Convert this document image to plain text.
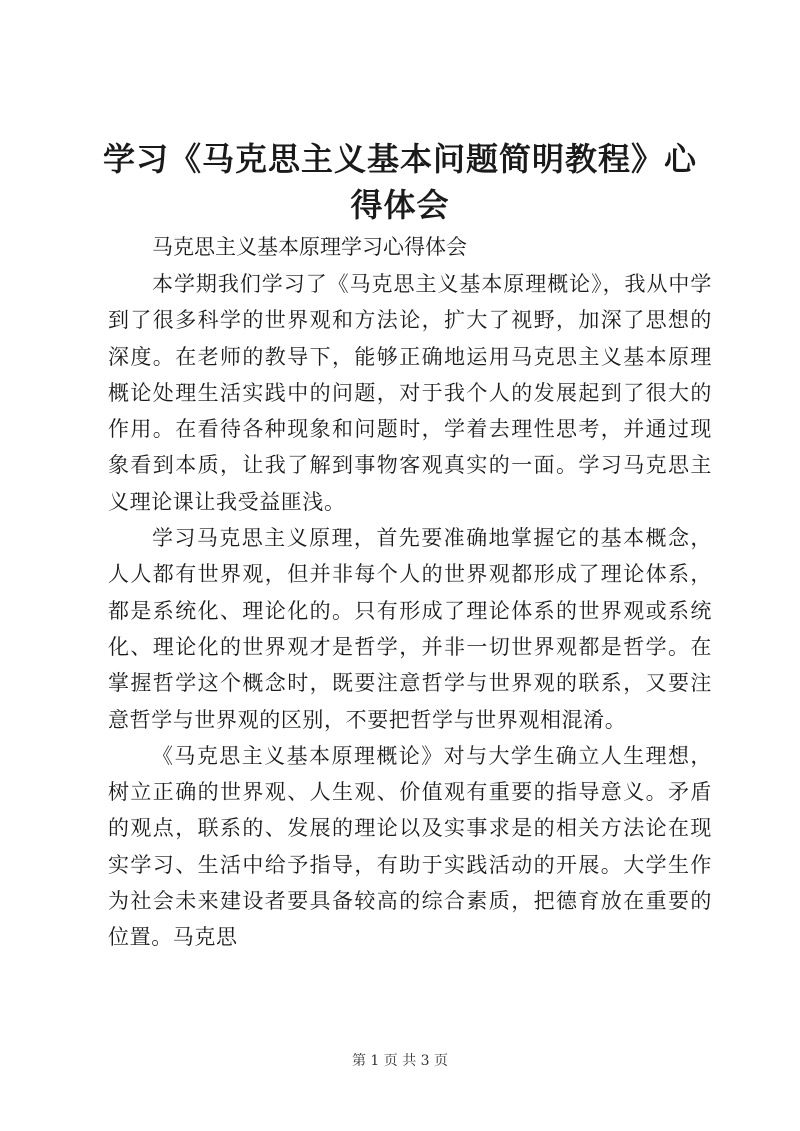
学习《马克思主义基本问题简明教程》心得体会

马克思主义基本原理学习心得体会

本学期我们学习了《马克思主义基本原理概论》，我从中学到了很多科学的世界观和方法论，扩大了视野，加深了思想的深度。在老师的教导下，能够正确地运用马克思主义基本原理概论处理生活实践中的问题，对于我个人的发展起到了很大的作用。在看待各种现象和问题时，学着去理性思考，并通过现象看到本质，让我了解到事物客观真实的一面。学习马克思主义理论课让我受益匪浅。

学习马克思主义原理，首先要准确地掌握它的基本概念，人人都有世界观，但并非每个人的世界观都形成了理论体系，都是系统化、理论化的。只有形成了理论体系的世界观或系统化、理论化的世界观才是哲学，并非一切世界观都是哲学。在掌握哲学这个概念时，既要注意哲学与世界观的联系，又要注意哲学与世界观的区别，不要把哲学与世界观相混淆。

《马克思主义基本原理概论》对与大学生确立人生理想，树立正确的世界观、人生观、价值观有重要的指导意义。矛盾的观点，联系的、发展的理论以及实事求是的相关方法论在现实学习、生活中给予指导，有助于实践活动的开展。大学生作为社会未来建设者要具备较高的综合素质，把德育放在重要的位置。马克思

第 1 页 共 3 页
